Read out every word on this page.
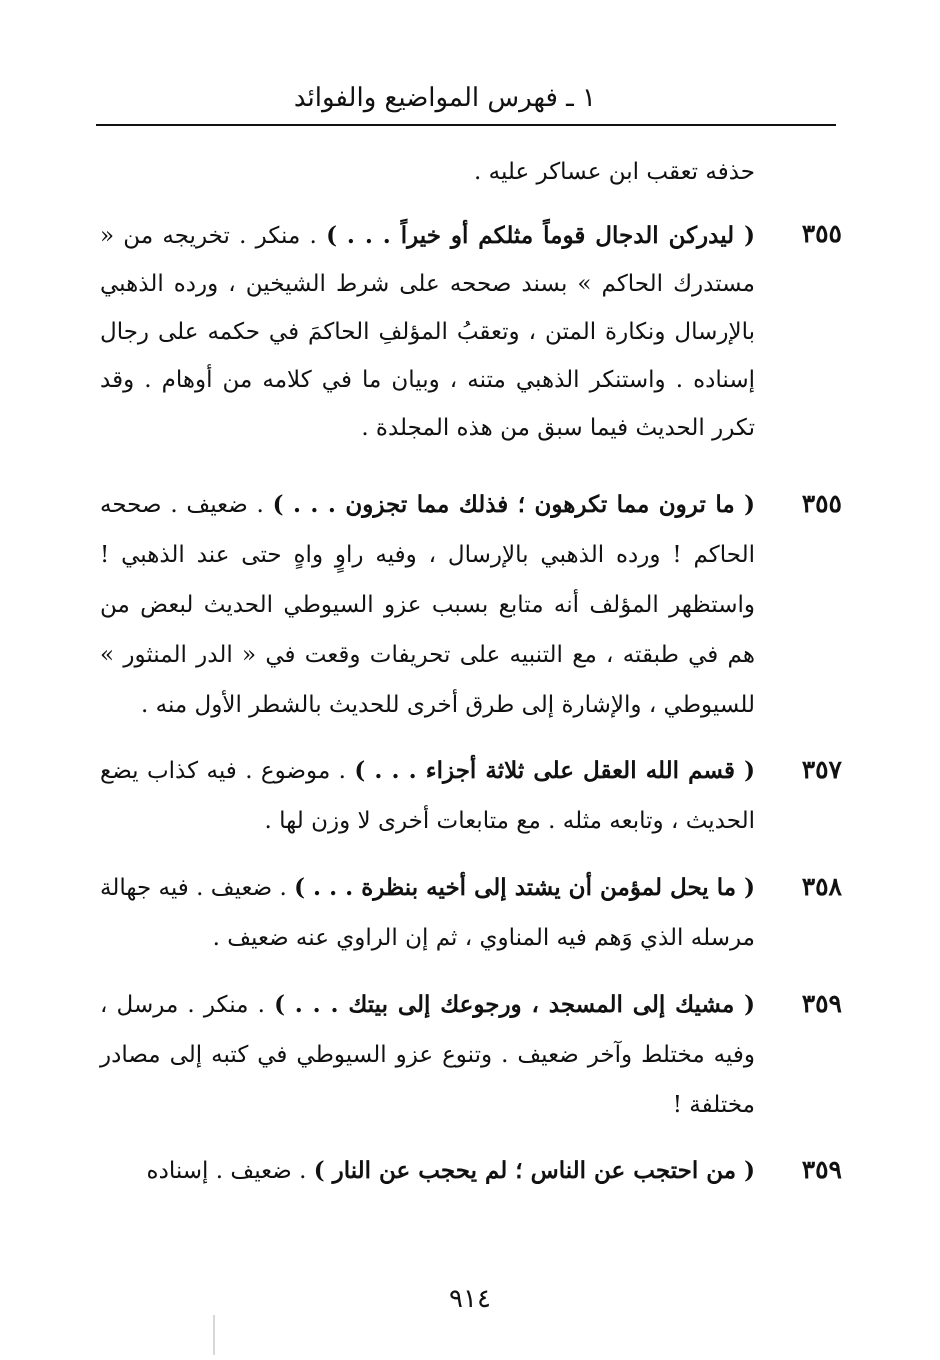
١ ـ فهرس المواضيع والفوائد
حذفه تعقب ابن عساكر عليه .
٣٥٥
( ليدركن الدجال قوماً مثلكم أو خيراً . . . ) . منكر . تخريجه من « مستدرك الحاكم » بسند صححه على شرط الشيخين ، ورده الذهبي بالإرسال ونكارة المتن ، وتعقبُ المؤلفِ الحاكمَ في حكمه على رجال إسناده . واستنكر الذهبي متنه ، وبيان ما في كلامه من أوهام . وقد تكرر الحديث فيما سبق من هذه المجلدة .
٣٥٥
( ما ترون مما تكرهون ؛ فذلك مما تجزون . . . ) . ضعيف . صححه الحاكم ! ورده الذهبي بالإرسال ، وفيه راوٍ واهٍ حتى عند الذهبي ! واستظهر المؤلف أنه متابع بسبب عزو السيوطي الحديث لبعض من هم في طبقته ، مع التنبيه على تحريفات وقعت في « الدر المنثور » للسيوطي ، والإشارة إلى طرق أخرى للحديث بالشطر الأول منه .
٣٥٧
( قسم الله العقل على ثلاثة أجزاء . . . ) . موضوع . فيه كذاب يضع الحديث ، وتابعه مثله . مع متابعات أخرى لا وزن لها .
٣٥٨
( ما يحل لمؤمن أن يشتد إلى أخيه بنظرة . . . ) . ضعيف . فيه جهالة مرسله الذي وَهم فيه المناوي ، ثم إن الراوي عنه ضعيف .
٣٥٩
( مشيك إلى المسجد ، ورجوعك إلى بيتك . . . ) . منكر . مرسل ، وفيه مختلط وآخر ضعيف . وتنوع عزو السيوطي في كتبه إلى مصادر مختلفة !
٣٥٩
( من احتجب عن الناس ؛ لم يحجب عن النار ) . ضعيف . إسناده
٩١٤
